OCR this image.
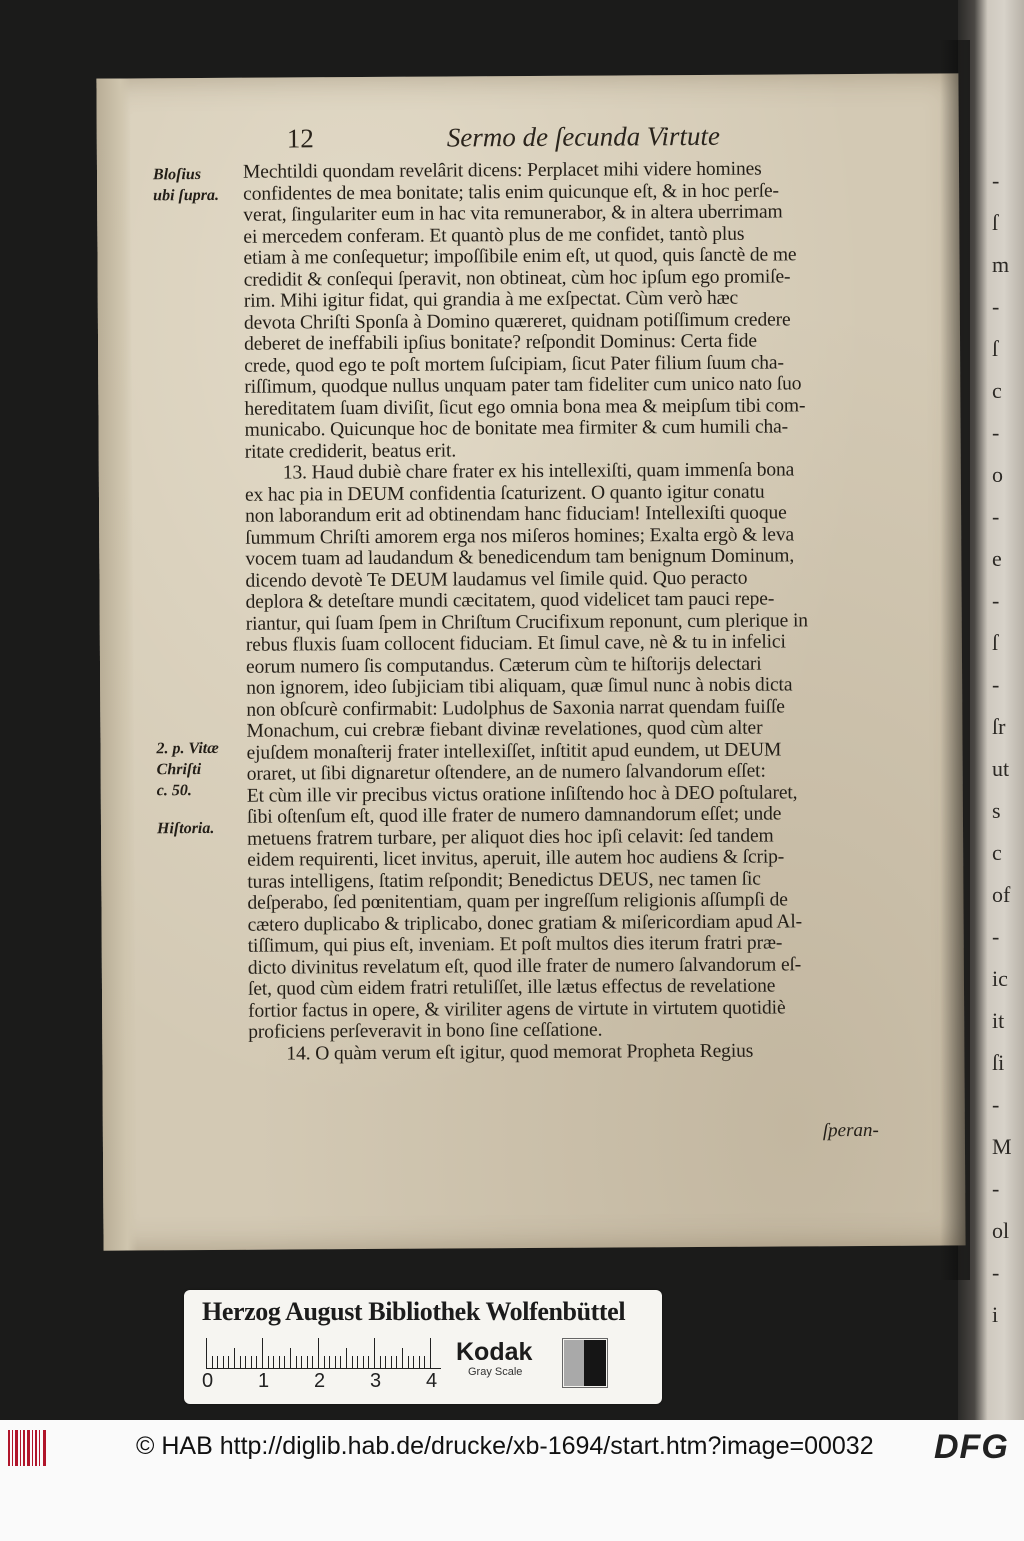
-
ſ
m
-
ſ
c
-
o
-
e
-
ſ
-
ſr
ut
s
c
of
-
ic
it
ſi
-
M
-
ol
-
i
12	Sermo de ſecunda Virtute
Bloſius
ubi ſupra.
2. p. Vitæ
Chriſti
c. 50.
Hiſtoria.
Mechtildi quondam revelârit dicens: Perplacet mihi videre homines
confidentes de mea bonitate; talis enim quicunque eſt, & in hoc perſe-
verat, ſingulariter eum in hac vita remunerabor, & in altera uberrimam
ei mercedem conferam. Et quantò plus de me confidet, tantò plus
etiam à me conſequetur; impoſſibile enim eſt, ut quod, quis ſanctè de me
credidit & conſequi ſperavit, non obtineat, cùm hoc ipſum ego promiſe-
rim. Mihi igitur fidat, qui grandia à me exſpectat. Cùm verò hæc
devota Chriſti Sponſa à Domino quæreret, quidnam potiſſimum credere
deberet de ineffabili ipſius bonitate? reſpondit Dominus: Certa fide
crede, quod ego te poſt mortem ſuſcipiam, ſicut Pater filium ſuum cha-
riſſimum, quodque nullus unquam pater tam fideliter cum unico nato ſuo
hereditatem ſuam diviſit, ſicut ego omnia bona mea & meipſum tibi com-
municabo. Quicunque hoc de bonitate mea firmiter & cum humili cha-
ritate crediderit, beatus erit.
13. Haud dubiè chare frater ex his intellexiſti, quam immenſa bona
ex hac pia in DEUM confidentia ſcaturizent. O quanto igitur conatu
non laborandum erit ad obtinendam hanc fiduciam! Intellexiſti quoque
ſummum Chriſti amorem erga nos miſeros homines; Exalta ergò & leva
vocem tuam ad laudandum & benedicendum tam benignum Dominum,
dicendo devotè Te DEUM laudamus vel ſimile quid. Quo peracto
deplora & deteſtare mundi cæcitatem, quod videlicet tam pauci repe-
riantur, qui ſuam ſpem in Chriſtum Crucifixum reponunt, cum plerique in
rebus fluxis ſuam collocent fiduciam. Et ſimul cave, nè & tu in infelici
eorum numero ſis computandus. Cæterum cùm te hiſtorijs delectari
non ignorem, ideo ſubjiciam tibi aliquam, quæ ſimul nunc à nobis dicta
non obſcurè confirmabit: Ludolphus de Saxonia narrat quendam fuiſſe
Monachum, cui crebræ fiebant divinæ revelationes, quod cùm alter
ejuſdem monaſterij frater intellexiſſet, inſtitit apud eundem, ut DEUM
oraret, ut ſibi dignaretur oſtendere, an de numero ſalvandorum eſſet:
Et cùm ille vir precibus victus oratione inſiſtendo hoc à DEO poſtularet,
ſibi oſtenſum eſt, quod ille frater de numero damnandorum eſſet; unde
metuens fratrem turbare, per aliquot dies hoc ipſi celavit: ſed tandem
eidem requirenti, licet invitus, aperuit, ille autem hoc audiens & ſcrip-
turas intelligens, ſtatim reſpondit; Benedictus DEUS, nec tamen ſic
deſperabo, ſed pœnitentiam, quam per ingreſſum religionis aſſumpſi de
cætero duplicabo & triplicabo, donec gratiam & miſericordiam apud Al-
tiſſimum, qui pius eſt, inveniam. Et poſt multos dies iterum fratri præ-
dicto divinitus revelatum eſt, quod ille frater de numero ſalvandorum eſ-
ſet, quod cùm eidem fratri retuliſſet, ille lætus effectus de revelatione
fortior factus in opere, & viriliter agens de virtute in virtutem quotidiè
proficiens perſeveravit in bono ſine ceſſatione.
14. O quàm verum eſt igitur, quod memorat Propheta Regius
ſperan-
Herzog August Bibliothek Wolfenbüttel
0 1 2 3 4
Kodak
Gray Scale
© HAB http://diglib.hab.de/drucke/xb-1694/start.htm?image=00032 DFG
